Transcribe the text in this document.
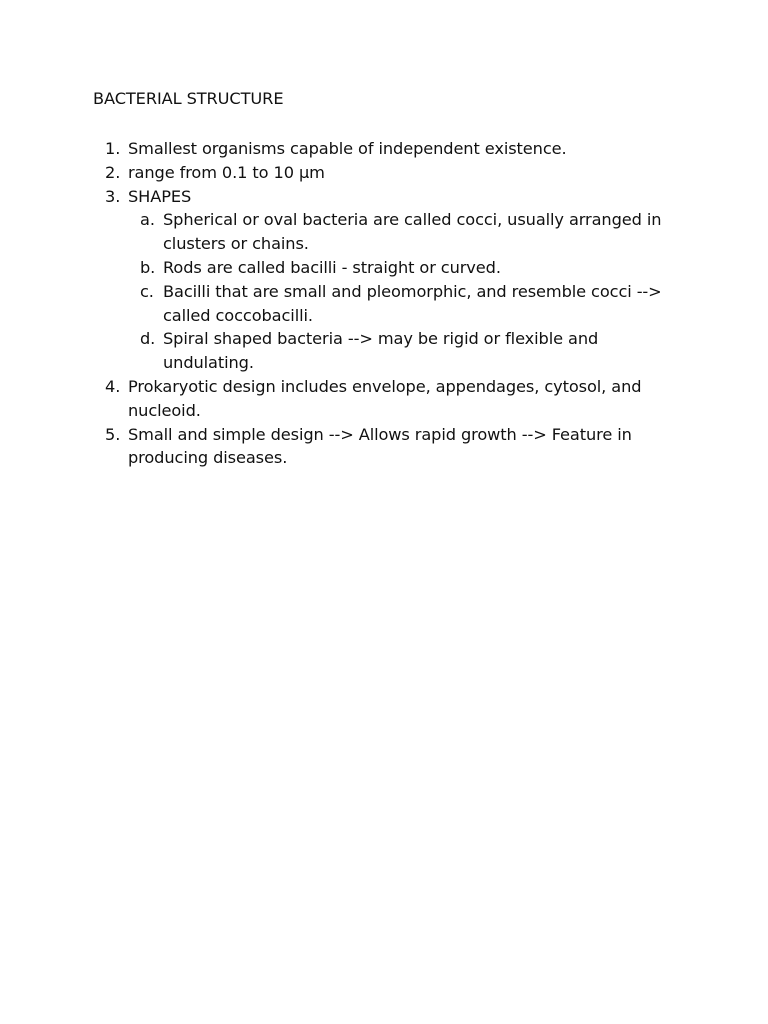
BACTERIAL STRUCTURE
1. Smallest organisms capable of independent existence.
2. range from 0.1 to 10 μm
3. SHAPES
a. Spherical or oval bacteria are called cocci, usually arranged in clusters or chains.
b. Rods are called bacilli - straight or curved.
c. Bacilli that are small and pleomorphic, and resemble cocci --> called coccobacilli.
d. Spiral shaped bacteria --> may be rigid or flexible and undulating.
4. Prokaryotic design includes envelope, appendages, cytosol, and nucleoid.
5. Small and simple design --> Allows rapid growth --> Feature in producing diseases.
